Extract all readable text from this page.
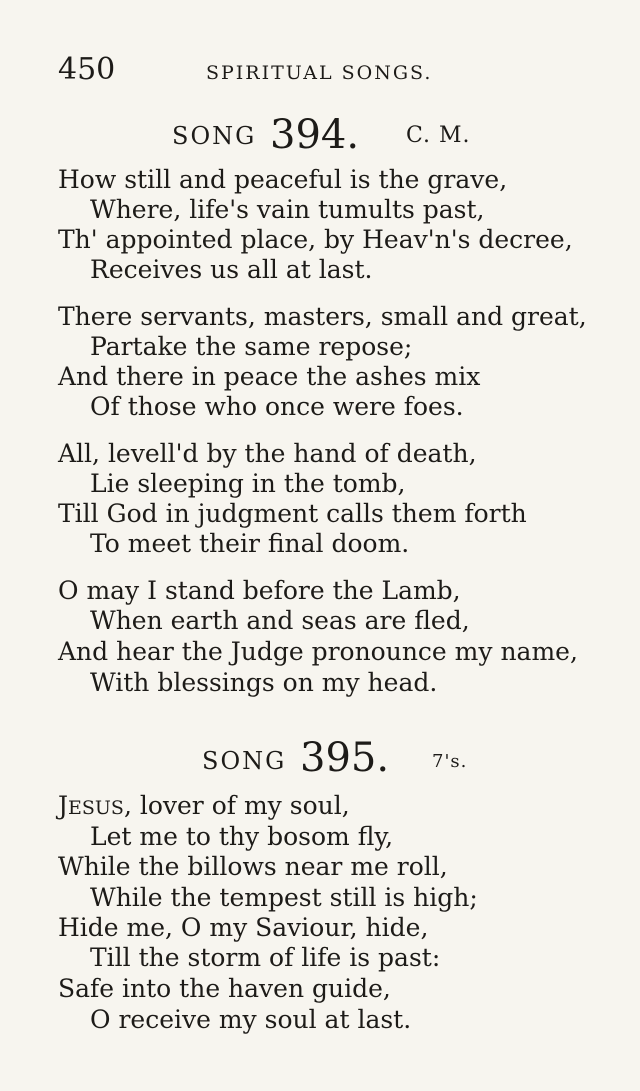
450	SPIRITUAL SONGS.
SONG 394. C. M.
How still and peaceful is the grave,
Where, life's vain tumults past,
Th' appointed place, by Heav'n's decree,
Receives us all at last.
There servants, masters, small and great,
Partake the same repose;
And there in peace the ashes mix
Of those who once were foes.
All, levell'd by the hand of death,
Lie sleeping in the tomb,
Till God in judgment calls them forth
To meet their final doom.
O may I stand before the Lamb,
When earth and seas are fled,
And hear the Judge pronounce my name,
With blessings on my head.
SONG 395. 7's.
JESUS, lover of my soul,
Let me to thy bosom fly,
While the billows near me roll,
While the tempest still is high;
Hide me, O my Saviour, hide,
Till the storm of life is past:
Safe into the haven guide,
O receive my soul at last.
